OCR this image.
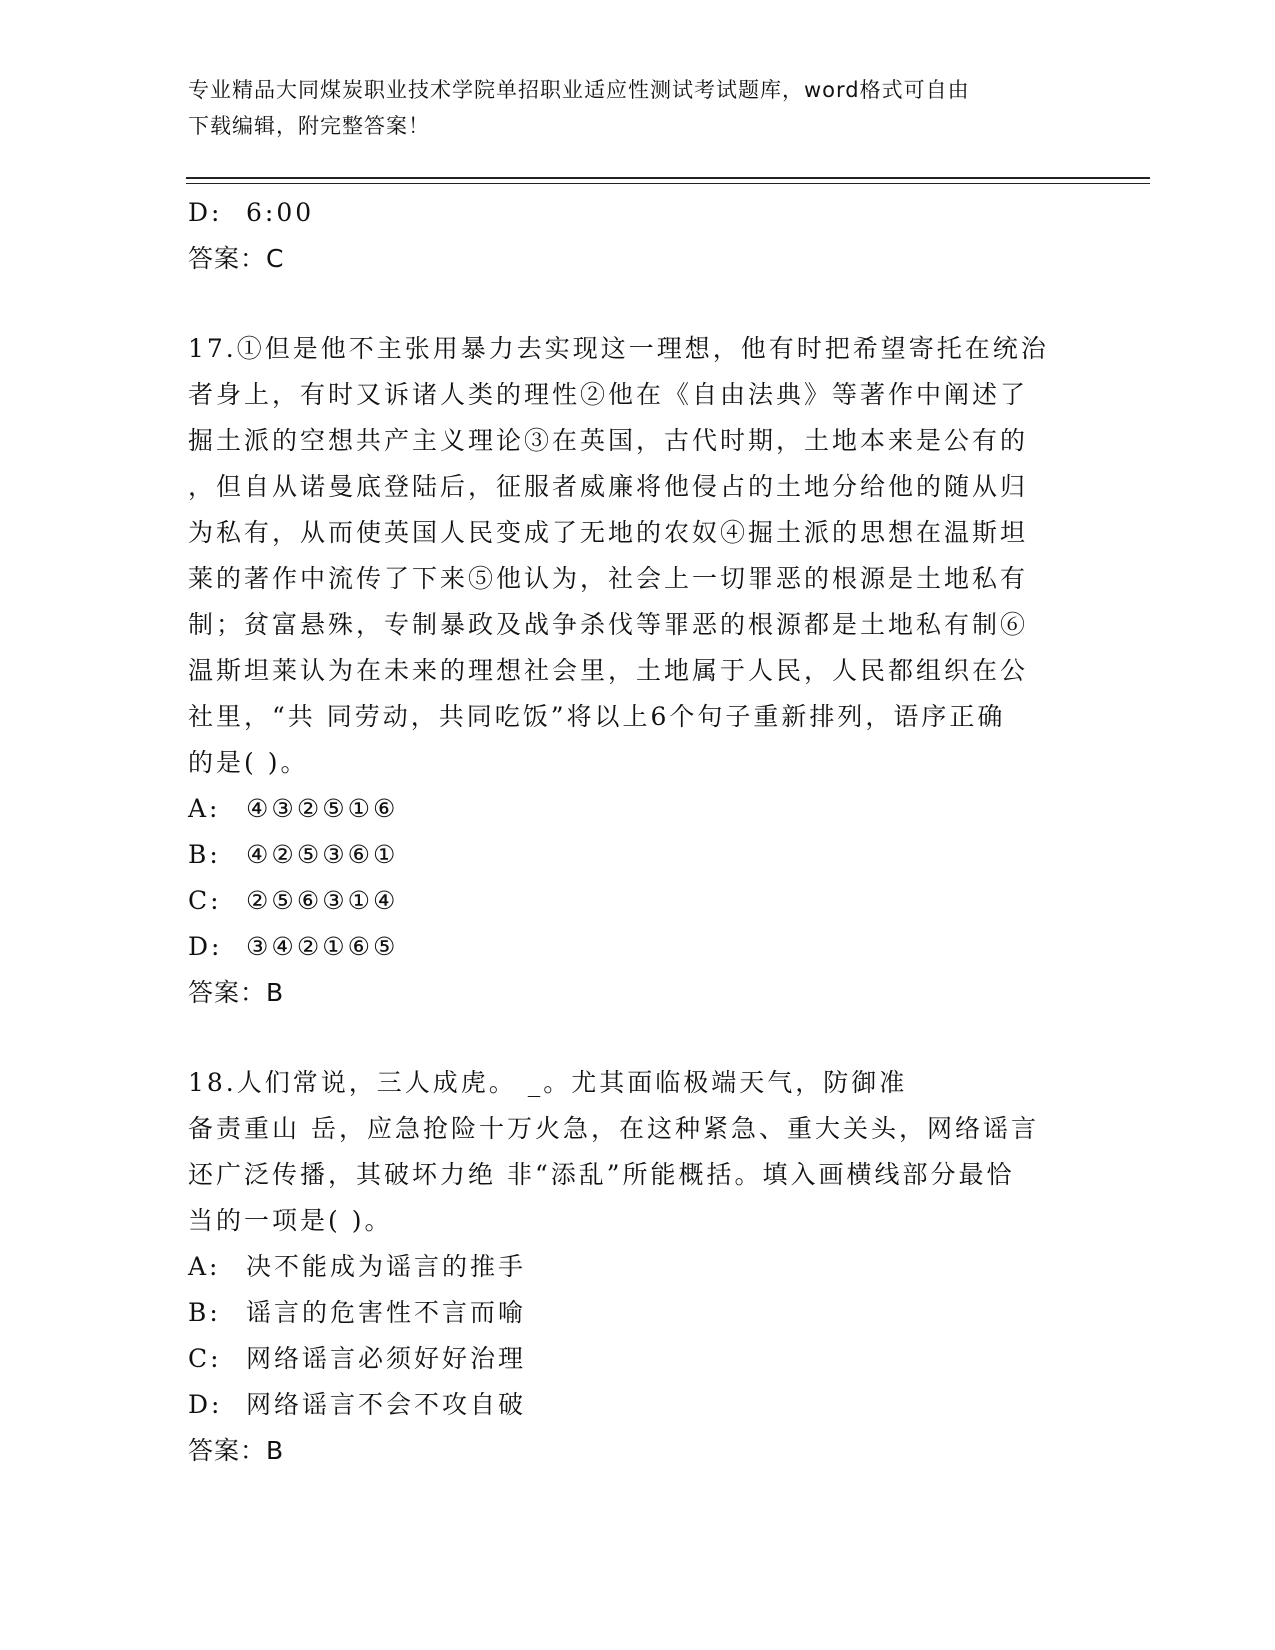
专业精品大同煤炭职业技术学院单招职业适应性测试考试题库，word格式可自由
下载编辑，附完整答案！
D: 6:00
答案：C
17.①但是他不主张用暴力去实现这一理想，他有时把希望寄托在统治
者身上，有时又诉诸人类的理性②他在《自由法典》等著作中阐述了
掘土派的空想共产主义理论③在英国，古代时期，土地本来是公有的
，但自从诺曼底登陆后，征服者威廉将他侵占的土地分给他的随从归
为私有，从而使英国人民变成了无地的农奴④掘土派的思想在温斯坦
莱的著作中流传了下来⑤他认为，社会上一切罪恶的根源是土地私有
制；贫富悬殊，专制暴政及战争杀伐等罪恶的根源都是土地私有制⑥
温斯坦莱认为在未来的理想社会里，土地属于人民，人民都组织在公
社里，“共 同劳动，共同吃饭”将以上6个句子重新排列，语序正确
的是( )。
A: ④③②⑤①⑥
B: ④②⑤③⑥①
C: ②⑤⑥③①④
D: ③④②①⑥⑤
答案：B
18.人们常说，三人成虎。 _。尤其面临极端天气，防御准
备责重山 岳，应急抢险十万火急，在这种紧急、重大关头，网络谣言
还广泛传播，其破坏力绝 非“添乱”所能概括。填入画横线部分最恰
当的一项是( )。
A: 决不能成为谣言的推手
B: 谣言的危害性不言而喻
C: 网络谣言必须好好治理
D: 网络谣言不会不攻自破
答案：B
